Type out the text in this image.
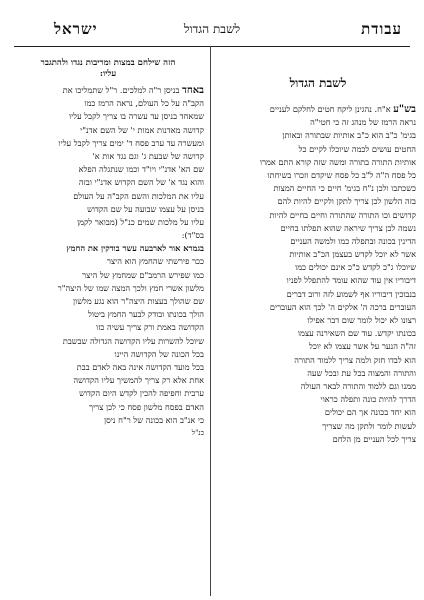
עבודת
לשבת הגדול
ישראל
לשבת הגדול
בש"ע א"ח. נהגינן ליקח חטים לחלקם לעניים
נראה הרמז של מנהג זה כי חטי"ה
בגימ' כ"ב הוא כ"ב אותיות שבתורה ובאותן
החטים עושים לכמה שיוכלו לקיים כל
אותיות התורה בתורה ומשה שזה קורא התם אמרו
כל פסח ה"ה ל"ב כל פסח שיקדם וזכרו בשיחתו
כשכתבו ולכן נ"ח בגימ' חיים כי החיים המצות
בזה הלשון לכן צריך לתקן ולקיים להיות להם
קדושים וכו התורה שהתורה וחיים בחיים להיות
נשמה לכן צריך שיראה שהוא תפלתו בחיים
הדינין בכונה ובתפלה כמו ולמשה העניים
אשר לא יוכל לקדש בעצמן הכ"ב אותיות
שיוכלו ג"כ לקדש כ"כ אינם יכולים כמו
דיבוריו אין עוד שהוא עומד להתפלל לפניו
בנבוכין דיבוריו אף לשמוע לזה ורוב דברים
העוברים ברכה ה' אלקים ה' לכך הוא העוברים
רצונו לא יכול לומר שום דבר אפילו
בכונתו יקדש. עוד שם השאירנה עצמו
זה"ה הנער על אשר עצמו לא יוכל
הוא לבדו חזק ולמה צריך ללמוד התורה
והתורה והמצוה בכל עת ובכל שעה
ממנו וגם ללמוד והתורה לבאר העולה
הדרך להיות כונה ותפלה כראוי
הוא יחד בכונה אך הם יכולים
לעשות לומר ולתקן מה שצריך
צריך לכל העניים מן הלחם
הזה שילחם במצות ומריבות נגדו ולהתגבר
עליו:
באחד בניסן ר"ה למלכים. ר"ל שתמליכו את
הקב"ה על כל העולם, נראה הרמז כמו
שמאחד בניסן עד עשרה בו צריך לקבל עליו
קדושה מאדנות אמות י' של השם אדנ"י
ומעשרה עד ערב פסח ד' ימים צריך לקבל עליו
קדושה של שבעת ג' וגם נגד אות א'
שם הא' אדנ"י ויו"ד וכמו שנתגלה הפלא
והוא נגד א' של השם הקדוש אדנ"י ובזה
עליו את המלכות והשם הקב"ה על העולם
בניסן על עצמו שבועה על שם הקדוש
עליו על מלכות שמים כנ"ל (מבואר לקמן
בס"ד):
בגמרא אור לארבעה עשר בודקין את החמץ
ככר פירשתי שהחמץ הוא היצר
כמו שפירש הרמב"ם שמחמץ של היצר
מלשון אשרי חמץ ולכך המצה שמו של היצה"ר
שם שהולך בעצות היצה"ר הוא נגע מלשון
הולך בכונתו ובודק לבער החמץ ביטול
הקדושה באמת ורק צריך עשיה כזו
שיוכל להשרות עליו הקדושה הגדולה שבשבת
בכל הכונה של הקדושה היינו
בכל מועד הקדושה אינה באה לאדם בבת
אחת אלא רק צריך להמשיך עליו הקדושה
ערבית וחפיפה להכין לקדש היום הקדוש
האדם בפסח מלשון פסח כי לכן צריך
כי אנ"ב הוא בכונה של ר"ח ניסן
כנ"ל
